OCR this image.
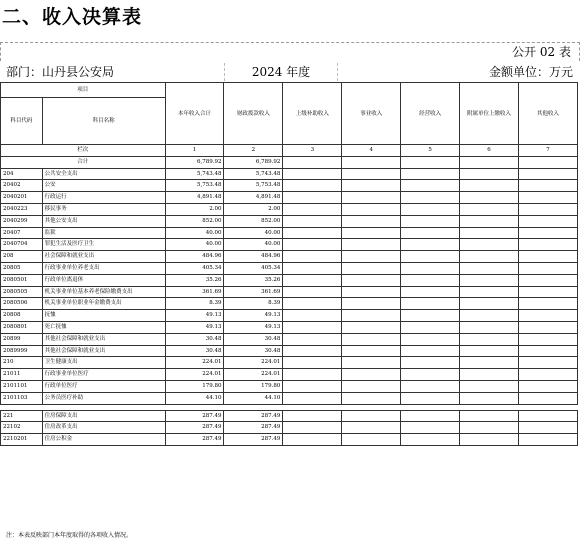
二、收入决算表
公开 02 表
部门：山丹县公安局	2024 年度	金额单位：万元
项目		本年收入合计	财政拨款收入	上级补助收入	事业收入	经营收入	附属单位上缴收入	其他收入
科目代码	科目名称							
栏次		1	2	3	4	5	6	7
合计		6,789.92	6,789.92					
204	公共安全支出	5,743.48	5,743.48					
20402	公安	5,753.48	5,753.48					
2040201	行政运行	4,891.48	4,891.48					
2040223	移民事务	2.00	2.00					
2040299	其他公安支出	852.00	852.00					
20407	监狱	40.00	40.00					
2040704	罪犯生活及医疗卫生	40.00	40.00					
208	社会保障和就业支出	484.96	484.96					
20805	行政事业单位养老支出	405.34	405.34					
2080501	行政单位离退休	35.26	35.26					
2080505	机关事业单位基本养老保险缴费支出	361.69	361.69					
2080506	机关事业单位职业年金缴费支出	8.39	8.39					
20808	抚恤	49.13	49.13					
2080801	死亡抚恤	49.13	49.13					
20899	其他社会保障和就业支出	30.48	30.48					
2089999	其他社会保障和就业支出	30.48	30.48					
210	卫生健康支出	224.01	224.01					
21011	行政事业单位医疗	224.01	224.01					
2101101	行政单位医疗	179.80	179.80					
2101103	公务员医疗补助	44.10	44.10					

221	住房保障支出	287.49	287.49					
22102	住房改革支出	287.49	287.49					
2210201	住房公积金	287.49	287.49					
注：本表反映部门本年度取得的各项收入情况。
